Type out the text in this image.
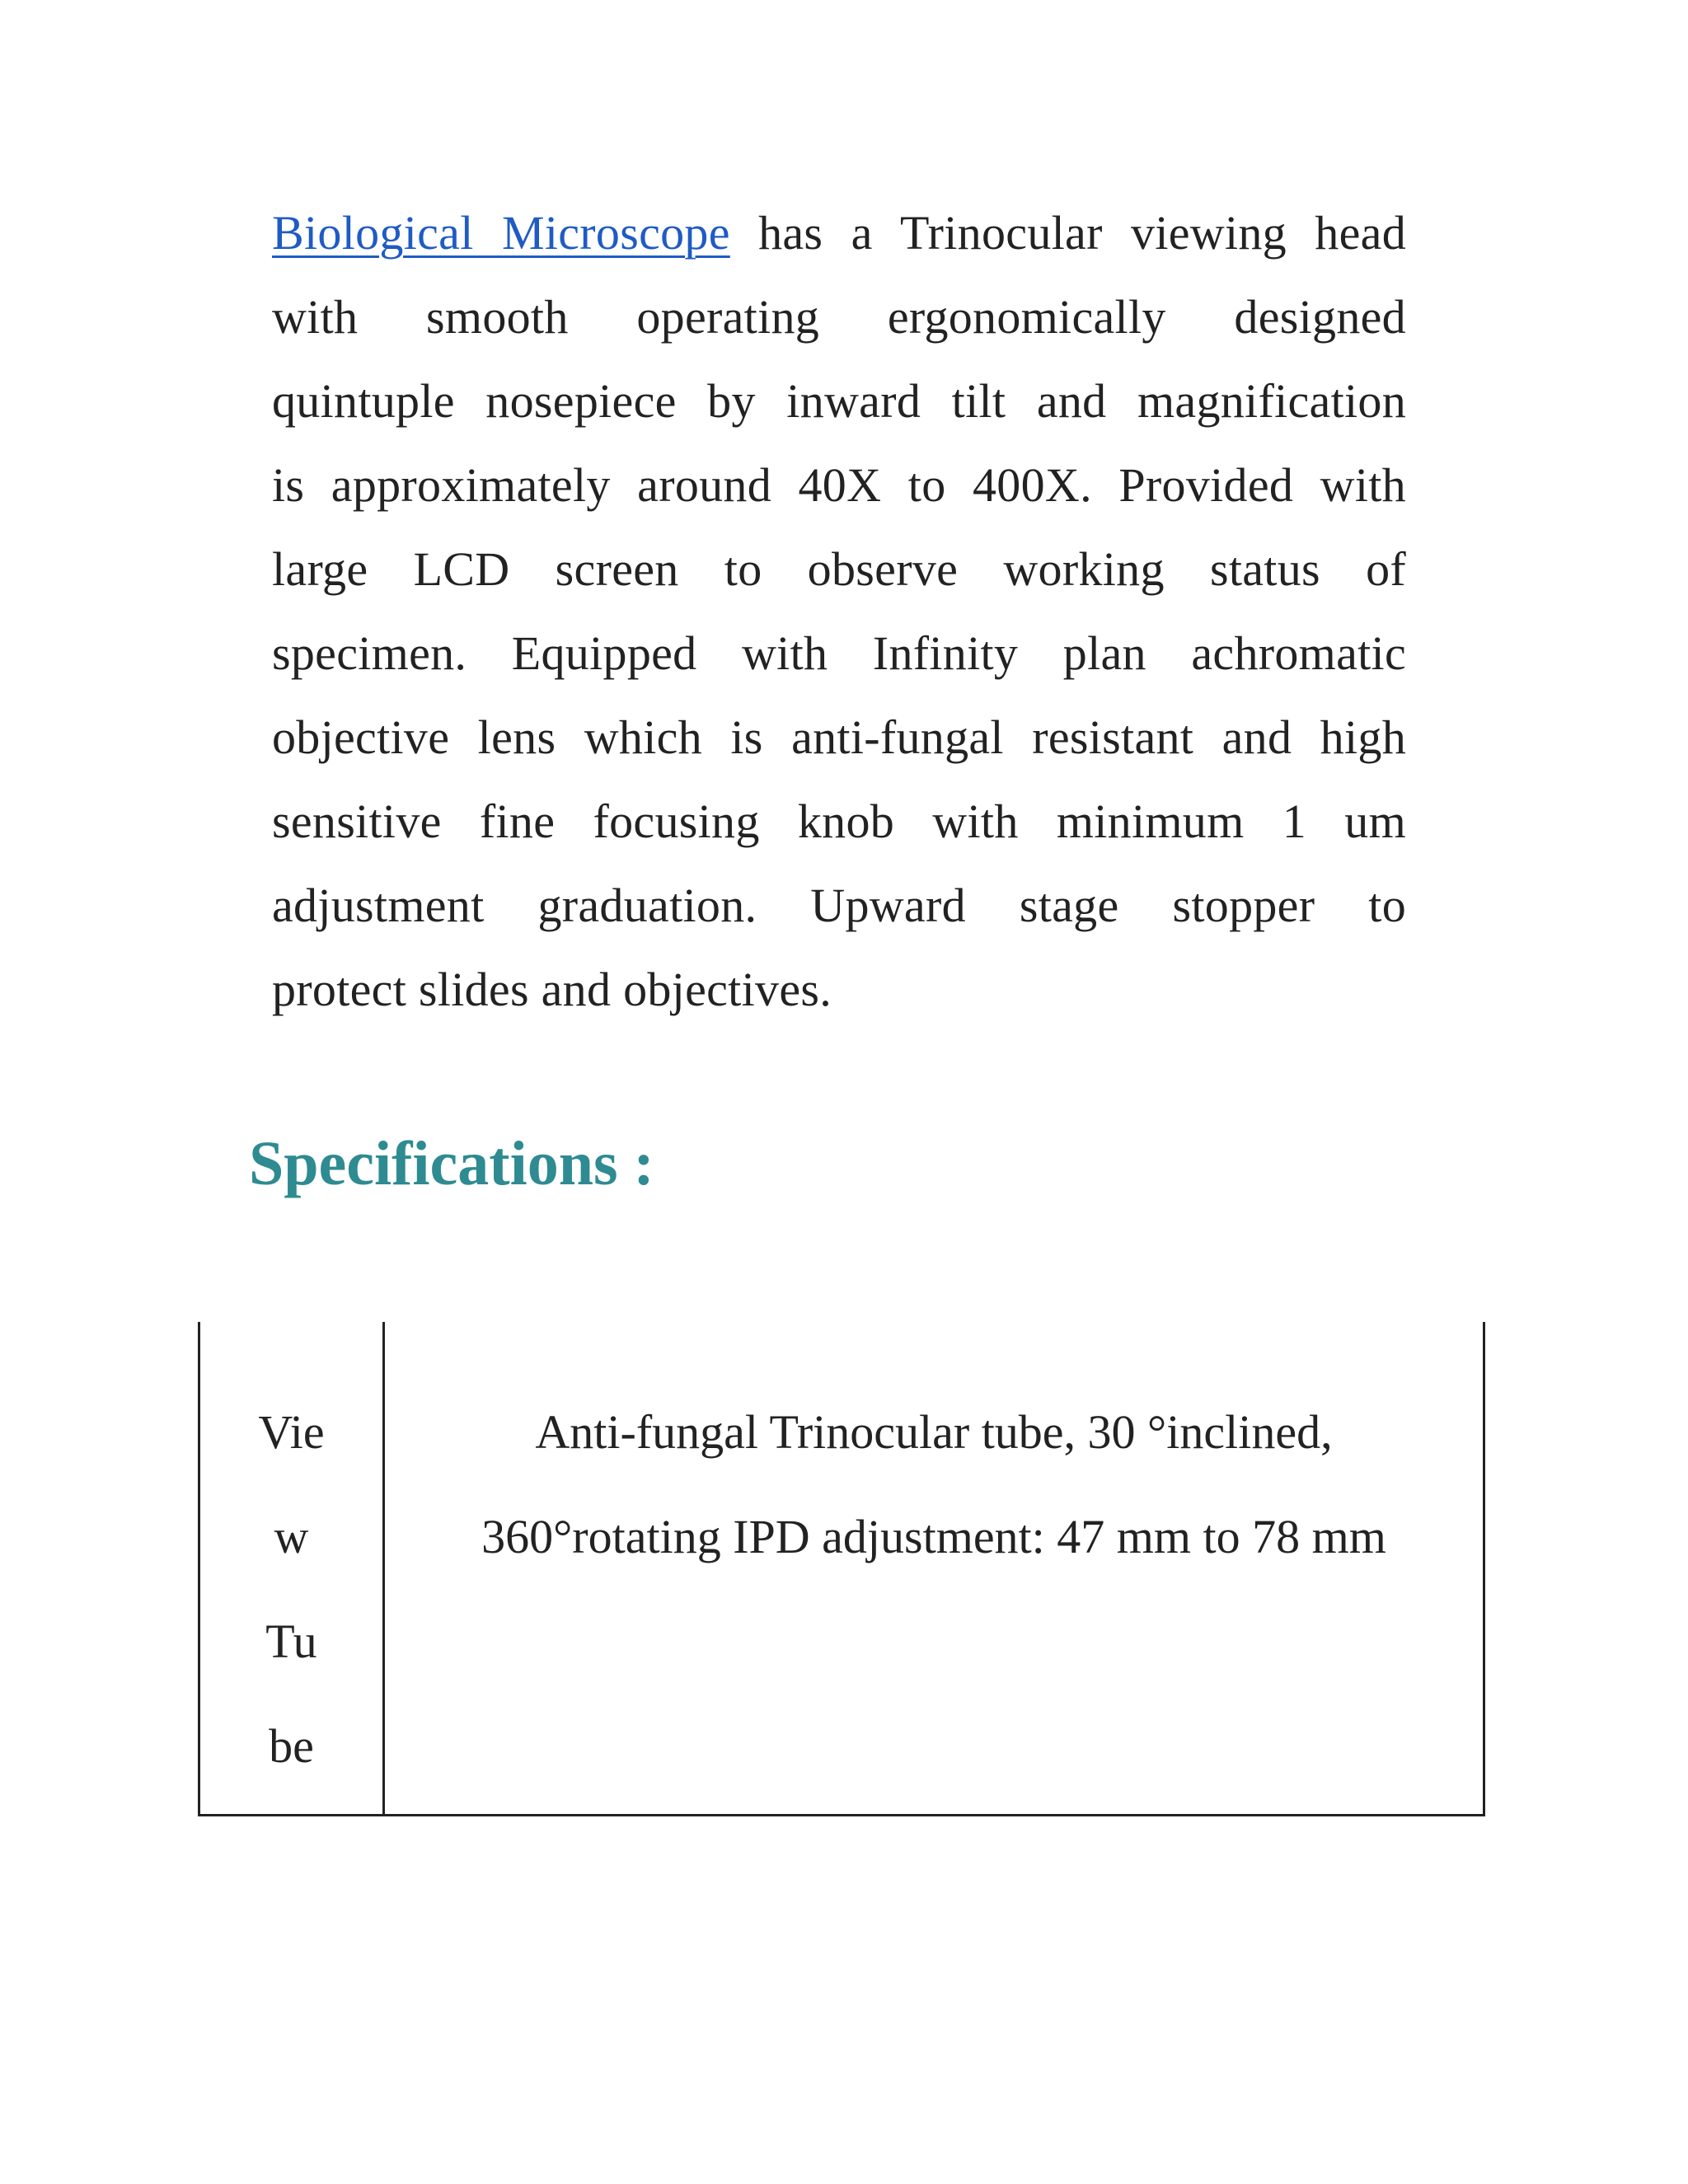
Biological Microscope has a Trinocular viewing head
with smooth operating ergonomically designed
quintuple nosepiece by inward tilt and magnification
is approximately around 40X to 400X. Provided with
large LCD screen to observe working status of
specimen. Equipped with Infinity plan achromatic
objective lens which is anti-fungal resistant and high
sensitive fine focusing knob with minimum 1 um
adjustment graduation. Upward stage stopper to
protect slides and objectives.
Specifications :
View Tube

Anti-fungal Trinocular tube, 30 °inclined, 360°rotating IPD adjustment: 47 mm to 78 mm
